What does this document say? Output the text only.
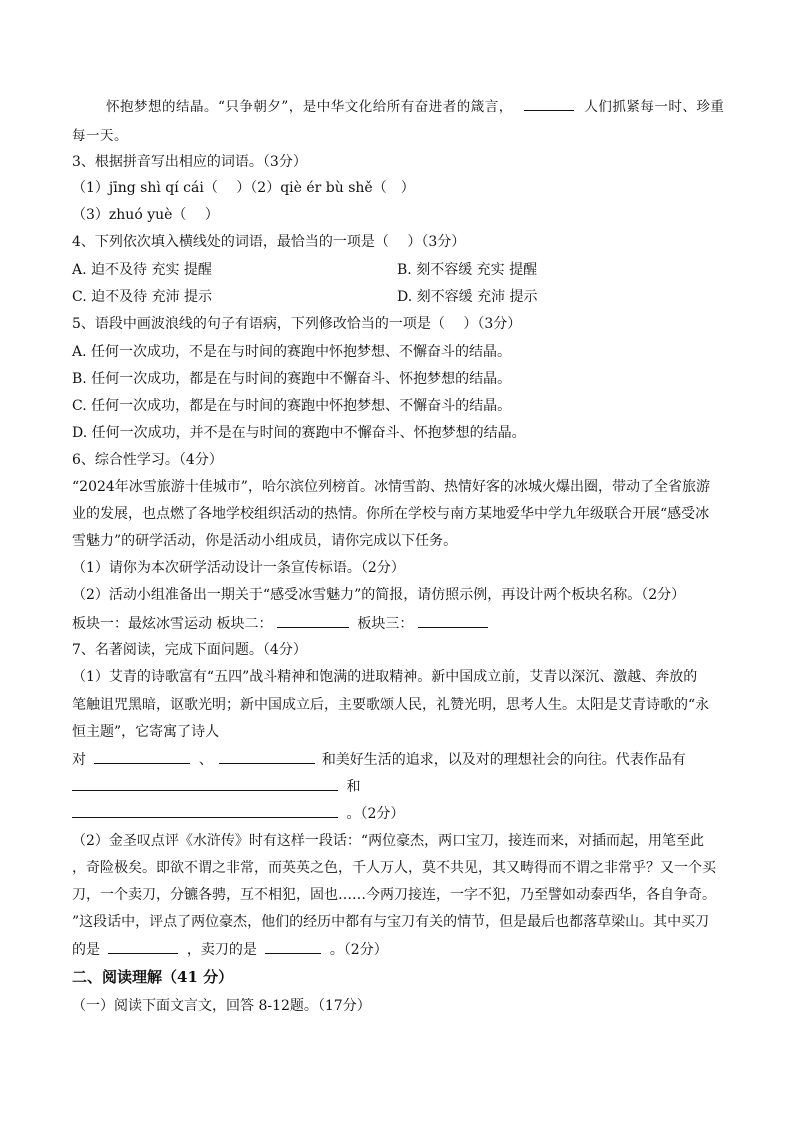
怀抱梦想的结晶。“只争朝夕”，是中华文化给所有奋进者的箴言，	人们抓紧每一时、珍重
每一天。
3、根据拼音写出相应的词语。（3分）
（1）jīng shì qí cái（　 ）（2）qiè ér bù shě（　）
（3）zhuó yuè（　 ）
4、下列依次填入横线处的词语，最恰当的一项是（　 ）（3分）
A. 迫不及待 充实 提醒	B. 刻不容缓 充实 提醒
C. 迫不及待 充沛 提示	D. 刻不容缓 充沛 提示
5、语段中画波浪线的句子有语病，下列修改恰当的一项是（　 ）（3分）
A. 任何一次成功，不是在与时间的赛跑中怀抱梦想、不懈奋斗的结晶。
B. 任何一次成功，都是在与时间的赛跑中不懈奋斗、怀抱梦想的结晶。
C. 任何一次成功，都是在与时间的赛跑中怀抱梦想、不懈奋斗的结晶。
D. 任何一次成功，并不是在与时间的赛跑中不懈奋斗、怀抱梦想的结晶。
6、综合性学习。（4分）
“2024年冰雪旅游十佳城市”，哈尔滨位列榜首。冰情雪韵、热情好客的冰城火爆出圈，带动了全省旅游
业的发展，也点燃了各地学校组织活动的热情。你所在学校与南方某地爱华中学九年级联合开展“感受冰
雪魅力”的研学活动，你是活动小组成员，请你完成以下任务。
（1）请你为本次研学活动设计一条宣传标语。（2分）
（2）活动小组准备出一期关于“感受冰雪魅力”的简报，请仿照示例，再设计两个板块名称。（2分）
板块一：最炫冰雪运动 板块二：	板块三：
7、名著阅读，完成下面问题。（4分）
（1）艾青的诗歌富有“五四”战斗精神和饱满的进取精神。新中国成立前，艾青以深沉、激越、奔放的
笔触诅咒黑暗，讴歌光明；新中国成立后，主要歌颂人民，礼赞光明，思考人生。太阳是艾青诗歌的“永
恒主题”，它寄寓了诗人
对	、	和美好生活的追求，以及对的理想社会的向往。代表作品有
和
。（2分）
（2）金圣叹点评《水浒传》时有这样一段话：“两位豪杰，两口宝刀，接连而来，对插而起，用笔至此
，奇险极矣。即欲不谓之非常，而英英之色，千人万人，莫不共见，其又畴得而不谓之非常乎？又一个买
刀，一个卖刀，分镳各骋，互不相犯，固也……今两刀接连，一字不犯，乃至譬如动泰西华，各自争奇。
”这段话中，评点了两位豪杰，他们的经历中都有与宝刀有关的情节，但是最后也都落草梁山。其中买刀
的是	，卖刀的是	。（2分）
二、阅读理解（41 分）
（一）阅读下面文言文，回答 8-12题。（17分）
